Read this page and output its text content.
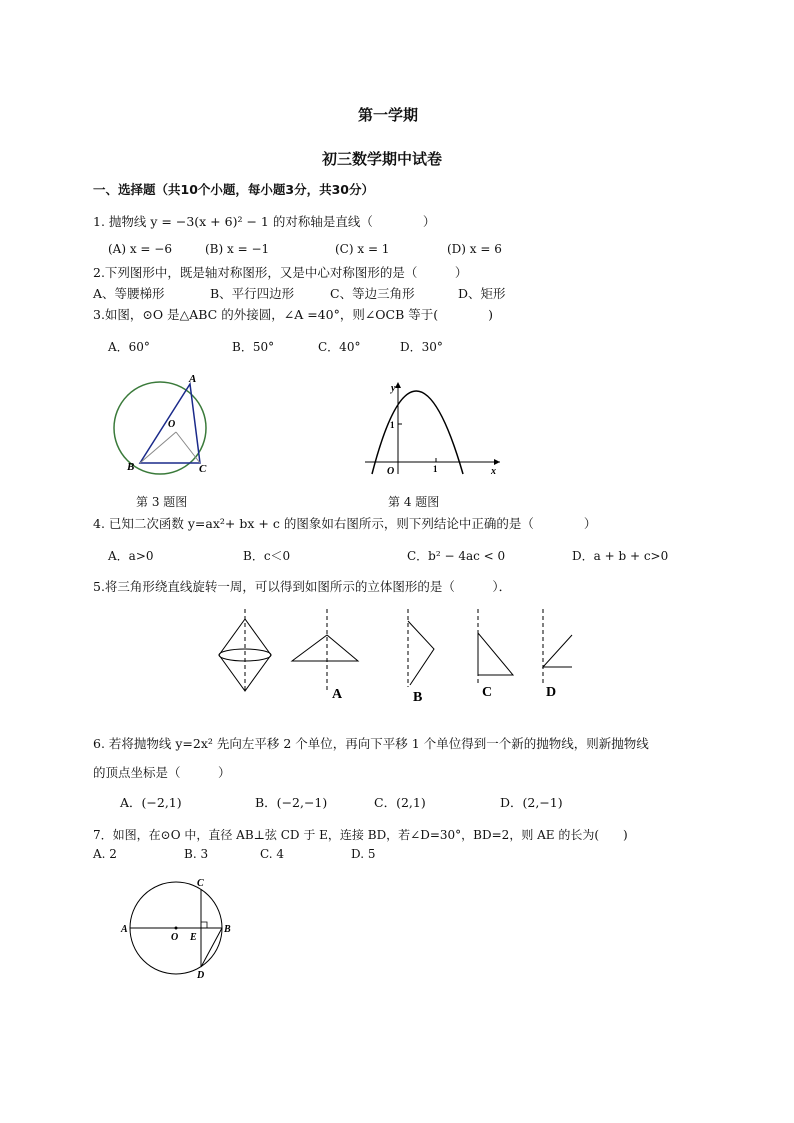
第一学期
初三数学期中试卷
一、选择题（共10个小题，每小题3分，共30分）
1. 抛物线 y = −3(x + 6)² − 1 的对称轴是直线（　　　　）
(A) x = −6	(B) x = −1	(C) x = 1	(D) x = 6
2.下列图形中，既是轴对称图形，又是中心对称图形的是（　　　）
A、等腰梯形	B、平行四边形	C、等边三角形	D、矩形
3.如图，⊙O 是△ABC 的外接圆，∠A =40°，则∠OCB 等于(　　　　)
A．60°	B．50°	C．40°	D．30°
A
O
B	C
第 3 题图
y
x
O
1
1
第 4 题图
4. 已知二次函数 y=ax²+ bx + c 的图象如右图所示，则下列结论中正确的是（　　　　）
A．a>0	B．c＜0	C．b² − 4ac < 0	D．a + b + c>0
5.将三角形绕直线旋转一周，可以得到如图所示的立体图形的是（　　　）．
A	B	C	D
6. 若将抛物线 y=2x² 先向左平移 2 个单位，再向下平移 1 个单位得到一个新的抛物线，则新抛物线
的顶点坐标是（　　　）
A．(−2,1)	B．(−2,−1)	C．(2,1)	D．(2,−1)
7．如图，在⊙O 中，直径 AB⊥弦 CD 于 E，连接 BD，若∠D=30°，BD=2，则 AE 的长为(　　)
A. 2	B. 3	C. 4	D. 5
A
O E
B
C
D
